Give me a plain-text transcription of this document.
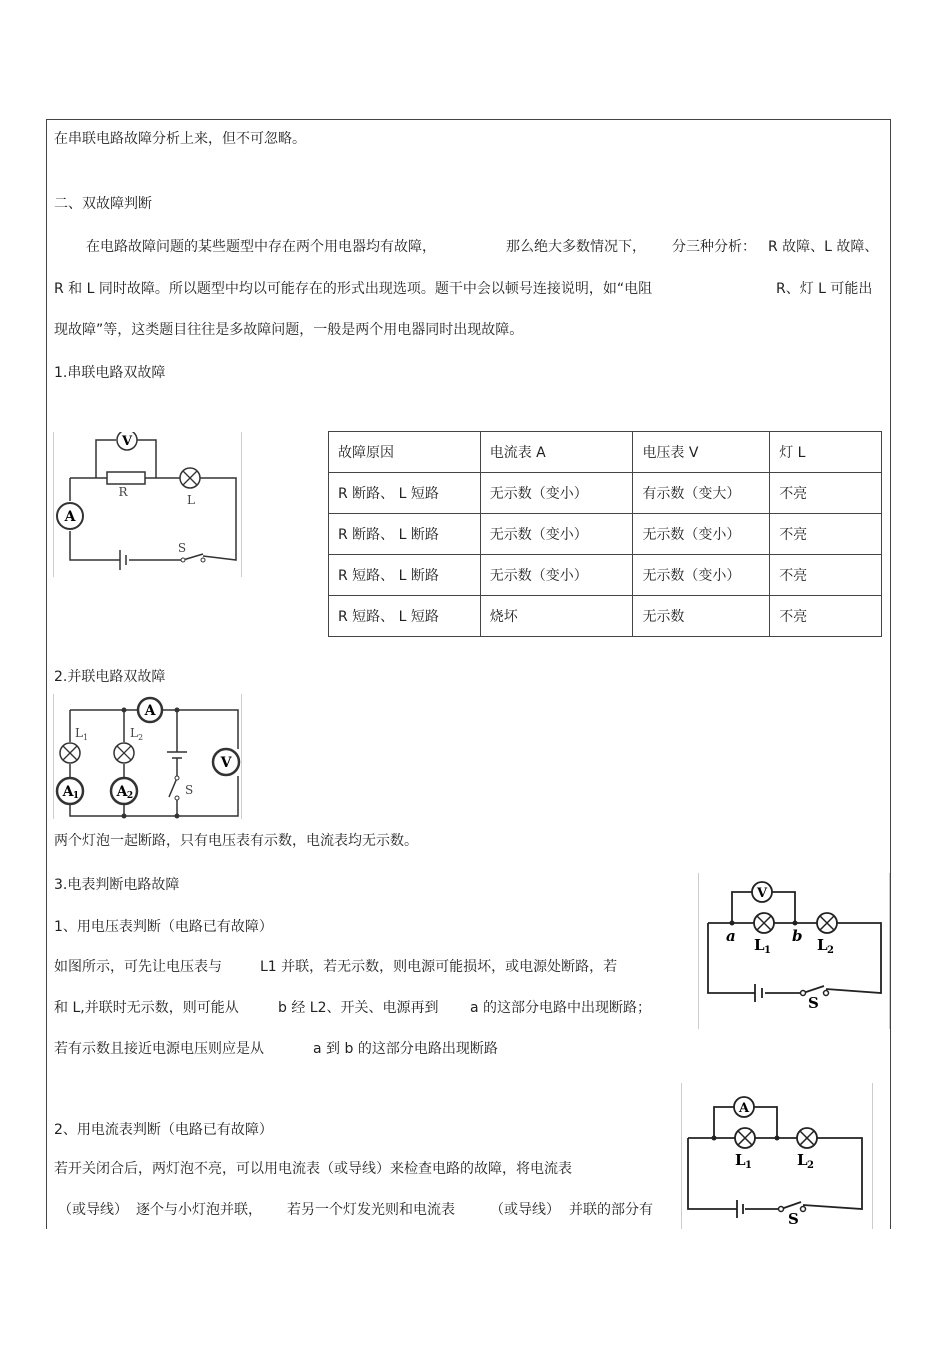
在串联电路故障分析上来，但不可忽略。
二、双故障判断
在电路故障问题的某些题型中存在两个用电器均有故障，	那么绝大多数情况下， 分三种分析： R 故障、L 故障、
R 和 L 同时故障。所以题型中均以可能存在的形式出现选项。题干中会以顿号连接说明，如“电阻	R、灯 L 可能出
现故障”等，这类题目往往是多故障问题，一般是两个用电器同时出现故障。
1.串联电路双故障
V
A
R
L
S
故障原因	电流表 A	电压表 V	灯 L
R 断路、 L 短路	无示数（变小）	有示数（变大）	不亮
R 断路、 L 断路	无示数（变小）	无示数（变小）	不亮
R 短路、 L 断路	无示数（变小）	无示数（变小）	不亮
R 短路、 L 短路	烧坏	无示数	不亮
2.并联电路双故障
A
A 1	A 2
V
L 1	L 2
S
两个灯泡一起断路，只有电压表有示数，电流表均无示数。
3.电表判断电路故障
1、用电压表判断（电路已有故障）
如图所示，可先让电压表与	L1 并联，若无示数，则电源可能损坏，或电源处断路，若
和 L,并联时无示数，则可能从	b 经 L2、开关、电源再到 a 的这部分电路中出现断路；
若有示数且接近电源电压则应是从	a 到 b 的这部分电路出现断路
V
a	b
L 1	L 2
S
2、用电流表判断（电路已有故障）
若开关闭合后，两灯泡不亮，可以用电流表（或导线）来检查电路的故障，将电流表
（或导线） 逐个与小灯泡并联， 若另一个灯发光则和电流表	（或导线） 并联的部分有
A
L 1	L 2
S
